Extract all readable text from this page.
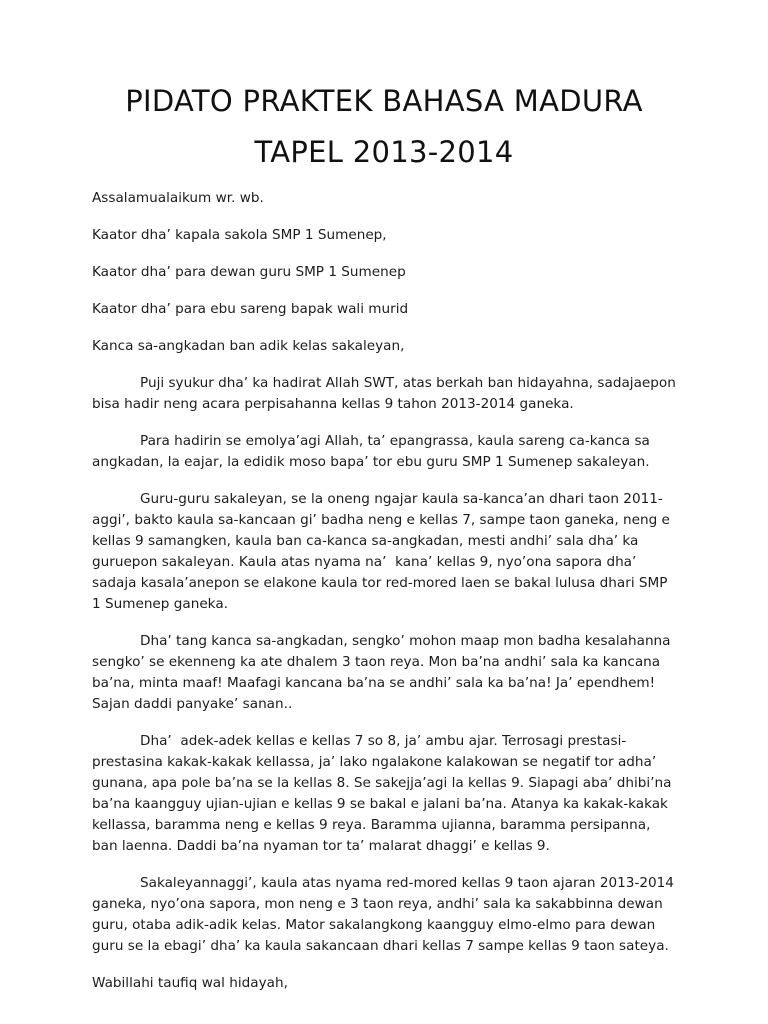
PIDATO PRAKTEK BAHASA MADURA
TAPEL 2013-2014

Assalamualaikum wr. wb.

Kaator dha’ kapala sakola SMP 1 Sumenep,

Kaator dha’ para dewan guru SMP 1 Sumenep

Kaator dha’ para ebu sareng bapak wali murid

Kanca sa-angkadan ban adik kelas sakaleyan,

Puji syukur dha’ ka hadirat Allah SWT, atas berkah ban hidayahna, sadajaepon bisa hadir neng acara perpisahanna kellas 9 tahon 2013-2014 ganeka.

Para hadirin se emolya’agi Allah, ta’ epangrassa, kaula sareng ca-kanca sa angkadan, la eajar, la edidik moso bapa’ tor ebu guru SMP 1 Sumenep sakaleyan.

Guru-guru sakaleyan, se la oneng ngajar kaula sa-kanca’an dhari taon 2011-aggi’, bakto kaula sa-kancaan gi’ badha neng e kellas 7, sampe taon ganeka, neng e kellas 9 samangken, kaula ban ca-kanca sa-angkadan, mesti andhi’ sala dha’ ka guruepon sakaleyan. Kaula atas nyama na’  kana’ kellas 9, nyo’ona sapora dha’ sadaja kasala’anepon se elakone kaula tor red-mored laen se bakal lulusa dhari SMP 1 Sumenep ganeka.

Dha’ tang kanca sa-angkadan, sengko’ mohon maap mon badha kesalahanna sengko’ se ekenneng ka ate dhalem 3 taon reya. Mon ba’na andhi’ sala ka kancana ba’na, minta maaf! Maafagi kancana ba’na se andhi’ sala ka ba’na! Ja’ ependhem! Sajan daddi panyake’ sanan..

Dha’  adek-adek kellas e kellas 7 so 8, ja’ ambu ajar. Terrosagi prestasi-prestasina kakak-kakak kellassa, ja’ lako ngalakone kalakowan se negatif tor adha’ gunana, apa pole ba’na se la kellas 8. Se sakejja’agi la kellas 9. Siapagi aba’ dhibi’na ba’na kaangguy ujian-ujian e kellas 9 se bakal e jalani ba’na. Atanya ka kakak-kakak kellassa, baramma neng e kellas 9 reya. Baramma ujianna, baramma persipanna, ban laenna. Daddi ba’na nyaman tor ta’ malarat dhaggi’ e kellas 9.

Sakaleyannaggi’, kaula atas nyama red-mored kellas 9 taon ajaran 2013-2014 ganeka, nyo’ona sapora, mon neng e 3 taon reya, andhi’ sala ka sakabbinna dewan guru, otaba adik-adik kelas. Mator sakalangkong kaangguy elmo-elmo para dewan guru se la ebagi’ dha’ ka kaula sakancaan dhari kellas 7 sampe kellas 9 taon sateya.

Wabillahi taufiq wal hidayah,
